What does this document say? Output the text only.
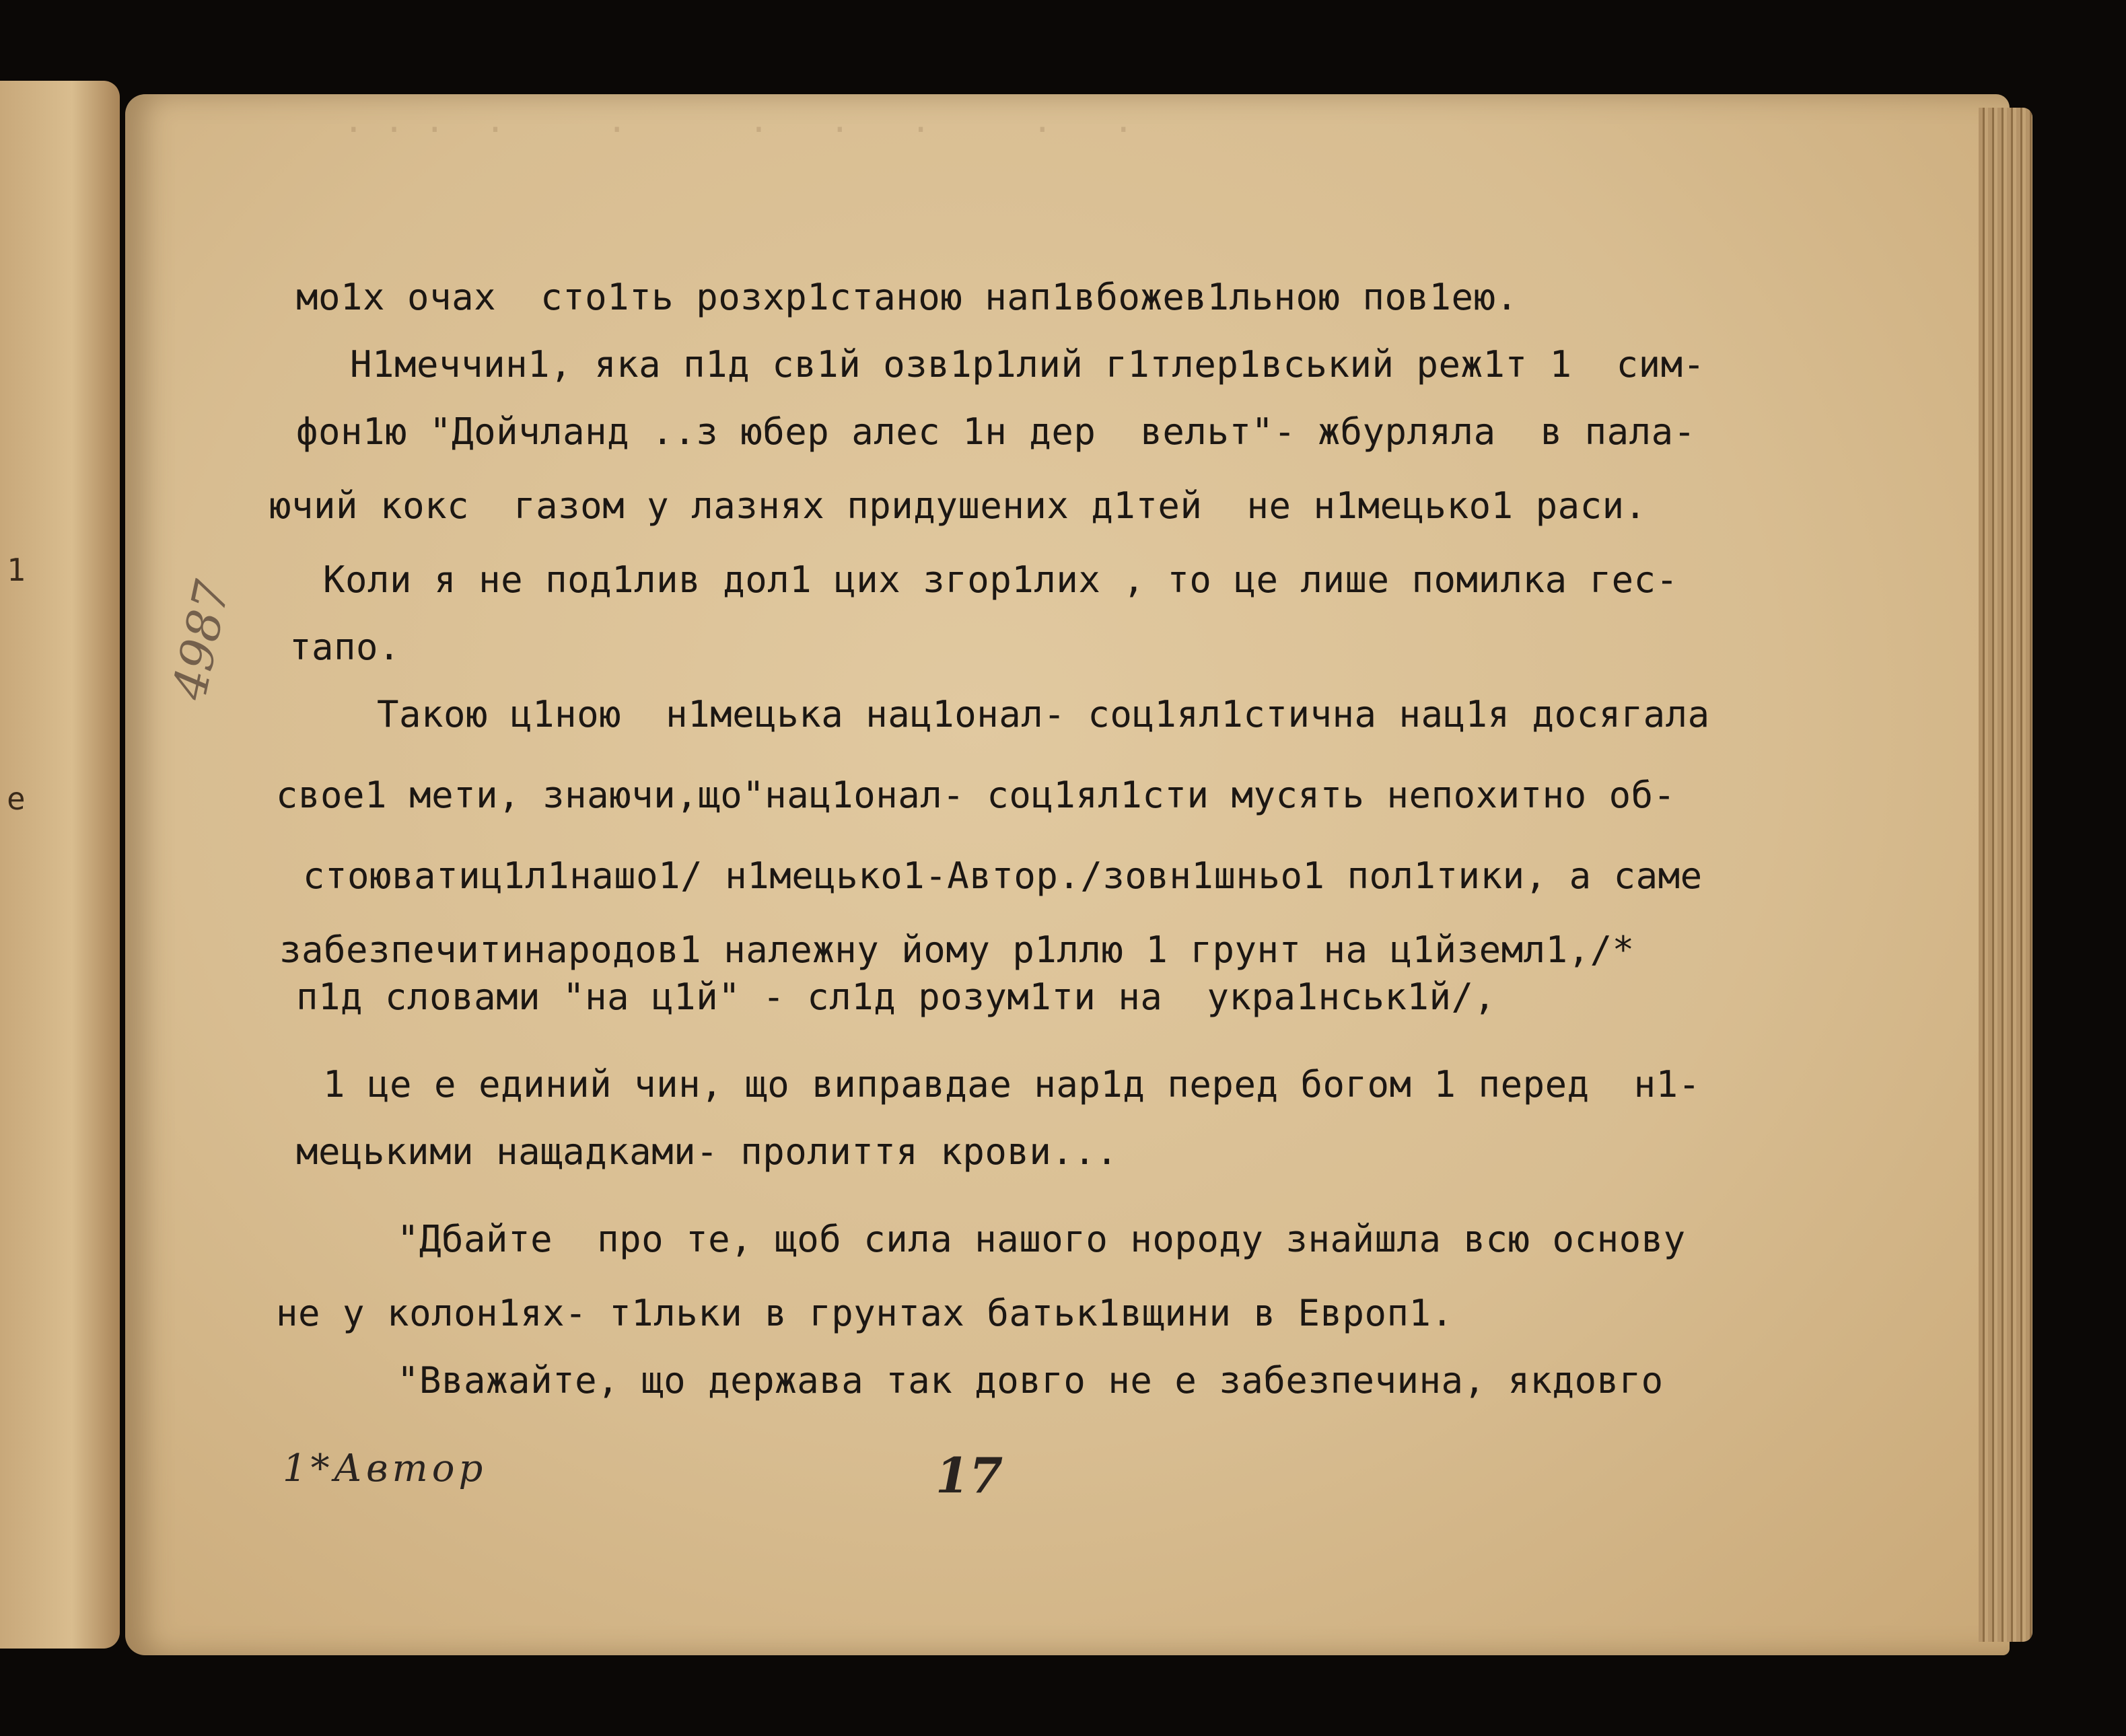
1
e
. . .  .     .      .   .   .     .   .
мо1х очах  сто1ть розхр1станою нап1вбожев1льною пов1ею.
Н1меччин1, яка п1д св1й озв1р1лий г1тлер1вський реж1т 1  сим-
фон1ю "Дойчланд ..з юбер алес 1н дер  вельт"- жбурляла  в пала-
ючий кокс  газом у лазнях придушених д1тей  не н1мецько1 раси.
Коли я не под1лив дол1 цих згор1лих , то це лише помилка гес-
тапо.
Такою ц1ною  н1мецька нац1онал- соц1ял1стична нац1я досягала
свое1 мети, знаючи,що"нац1онал- соц1ял1сти мусять непохитно об-
стоюватиц1л1нашо1/ н1мецько1-Автор./зовн1шньо1 пол1тики, а саме
забезпечитинародов1 належну йому р1ллю 1 грунт на ц1йземл1,/*
п1д словами "на ц1й" - сл1д розум1ти на  укра1нськ1й/,
1 це е единий чин, що виправдае нар1д перед богом 1 перед  н1-
мецькими нащадками- пролиття крови...
"Дбайте  про те, щоб сила нашого нороду знайшла всю основу
не у колон1ях- т1льки в грунтах батьк1вщини в Европ1.
"Вважайте, що держава так довго не е забезпечина, якдовго
1*Автор	17
4987
